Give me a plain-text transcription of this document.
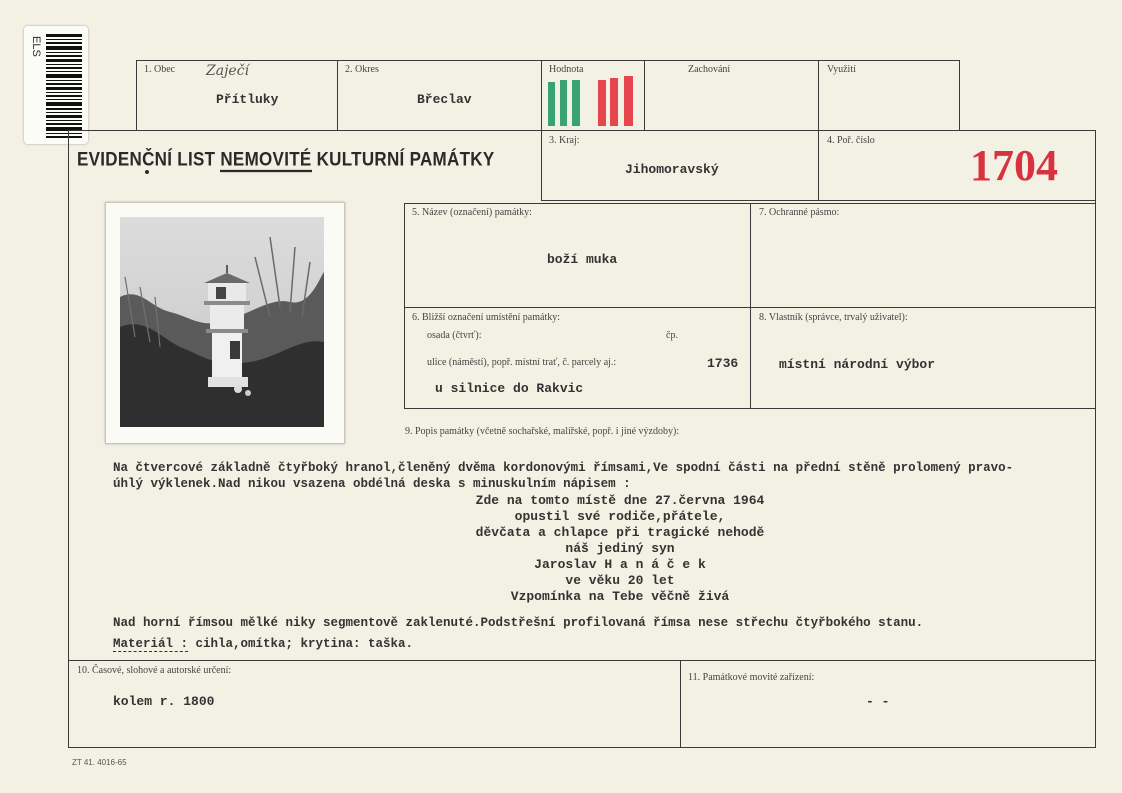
ELS
EVIDENČNÍ LIST NEMOVITÉ KULTURNÍ PAMÁTKY
1. Obec Zaječí
Přítluky
2. Okres
Břeclav
Hodnota	Zachování	Využití
3. Kraj:
Jihomoravský
4. Poř. číslo
1704
5. Název (označení) památky:
boží muka
7. Ochranné pásmo:
6. Bližší označení umístění památky:
osada (čtvrť):	čp.
ulice (náměstí), popř. místní trať, č. parcely aj.:	1736
u silnice do Rakvic
8. Vlastník (správce, trvalý uživatel):
místní národní výbor
9. Popis památky (včetně sochařské, malířské, popř. i jiné výzdoby):
Na čtvercové základně čtyřboký hranol,členěný dvěma kordonovými římsami,Ve spodní části na přední stěně prolomený pravo-
úhlý výklenek.Nad nikou vsazena obdélná deska s minuskulním nápisem :
Zde na tomto místě dne 27.června 1964
opustil své rodiče,přátele,
děvčata a chlapce při tragické nehodě
náš jediný syn
Jaroslav H a n á č e k
ve věku 20 let
Vzpomínka na Tebe věčně živá
Nad horní římsou mělké niky segmentově zaklenuté.Podstřešní profilovaná římsa nese střechu čtyřbokého stanu.
Materiál : cihla,omítka; krytina: taška.
10. Časové, slohové a autorské určení:
kolem r. 1800
11. Památkové movité zařízení:
- -
ZT 41. 4016-65
